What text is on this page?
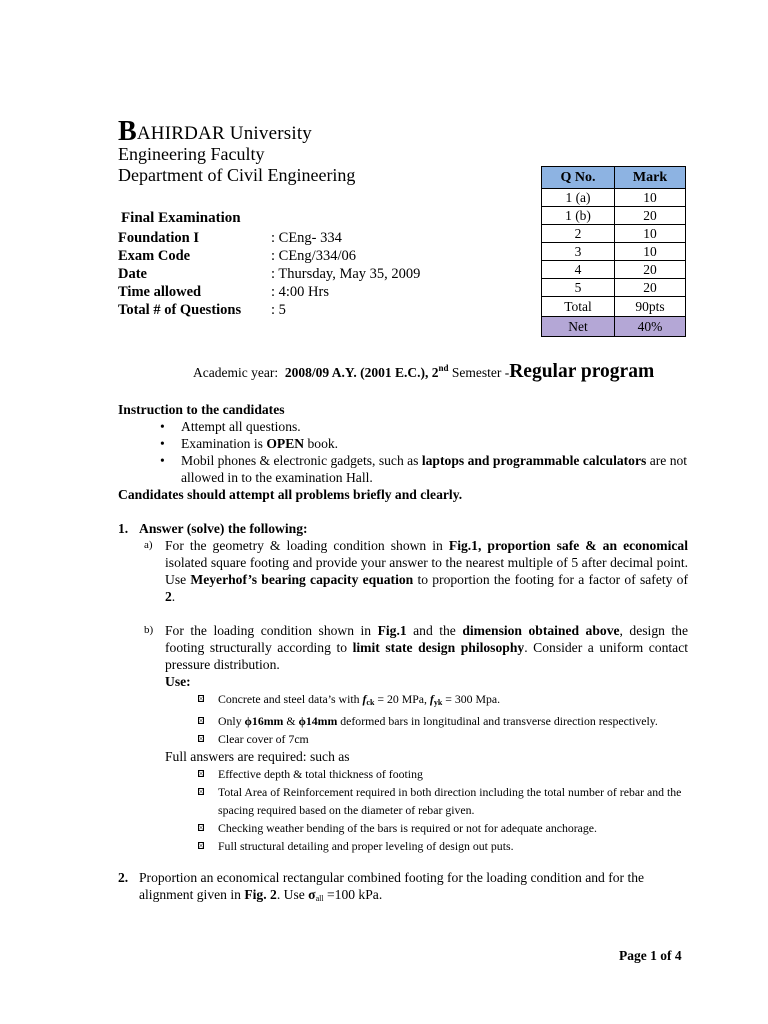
BAHIRDAR University
Engineering Faculty
Department of Civil Engineering
Final Examination
Foundation I	: CEng- 334
Exam Code	: CEng/334/06
Date	: Thursday, May 35, 2009
Time allowed	: 4:00 Hrs
Total # of Questions : 5
Q No.	Mark
1 (a)	10
1 (b)	20
2	10
3	10
4	20
5	20
Total	90pts
Net	40%
Academic year: 2008/09 A.Y. (2001 E.C.), 2nd Semester -Regular program
Instruction to the candidates
• Attempt all questions.
• Examination is OPEN book.
• Mobil phones & electronic gadgets, such as laptops and programmable calculators are not allowed in to the examination Hall.
Candidates should attempt all problems briefly and clearly.
1. Answer (solve) the following:
a) For the geometry & loading condition shown in Fig.1, proportion safe & an economical isolated square footing and provide your answer to the nearest multiple of 5 after decimal point. Use Meyerhof’s bearing capacity equation to proportion the footing for a factor of safety of 2.
b) For the loading condition shown in Fig.1 and the dimension obtained above, design the footing structurally according to limit state design philosophy. Consider a uniform contact pressure distribution.
Use:
Concrete and steel data’s with $f_{ck} = 20$ MPa, $f_{yk} = 300$ Mpa.
Only ϕ16mm & ϕ14mm deformed bars in longitudinal and transverse direction respectively.
Clear cover of 7cm
Full answers are required: such as
Effective depth & total thickness of footing
Total Area of Reinforcement required in both direction including the total number of rebar and the spacing required based on the diameter of rebar given.
Checking weather bending of the bars is required or not for adequate anchorage.
Full structural detailing and proper leveling of design out puts.
2. Proportion an economical rectangular combined footing for the loading condition and for the alignment given in Fig. 2. Use $\sigma_{all} =100$ kPa.
Page 1 of 4
